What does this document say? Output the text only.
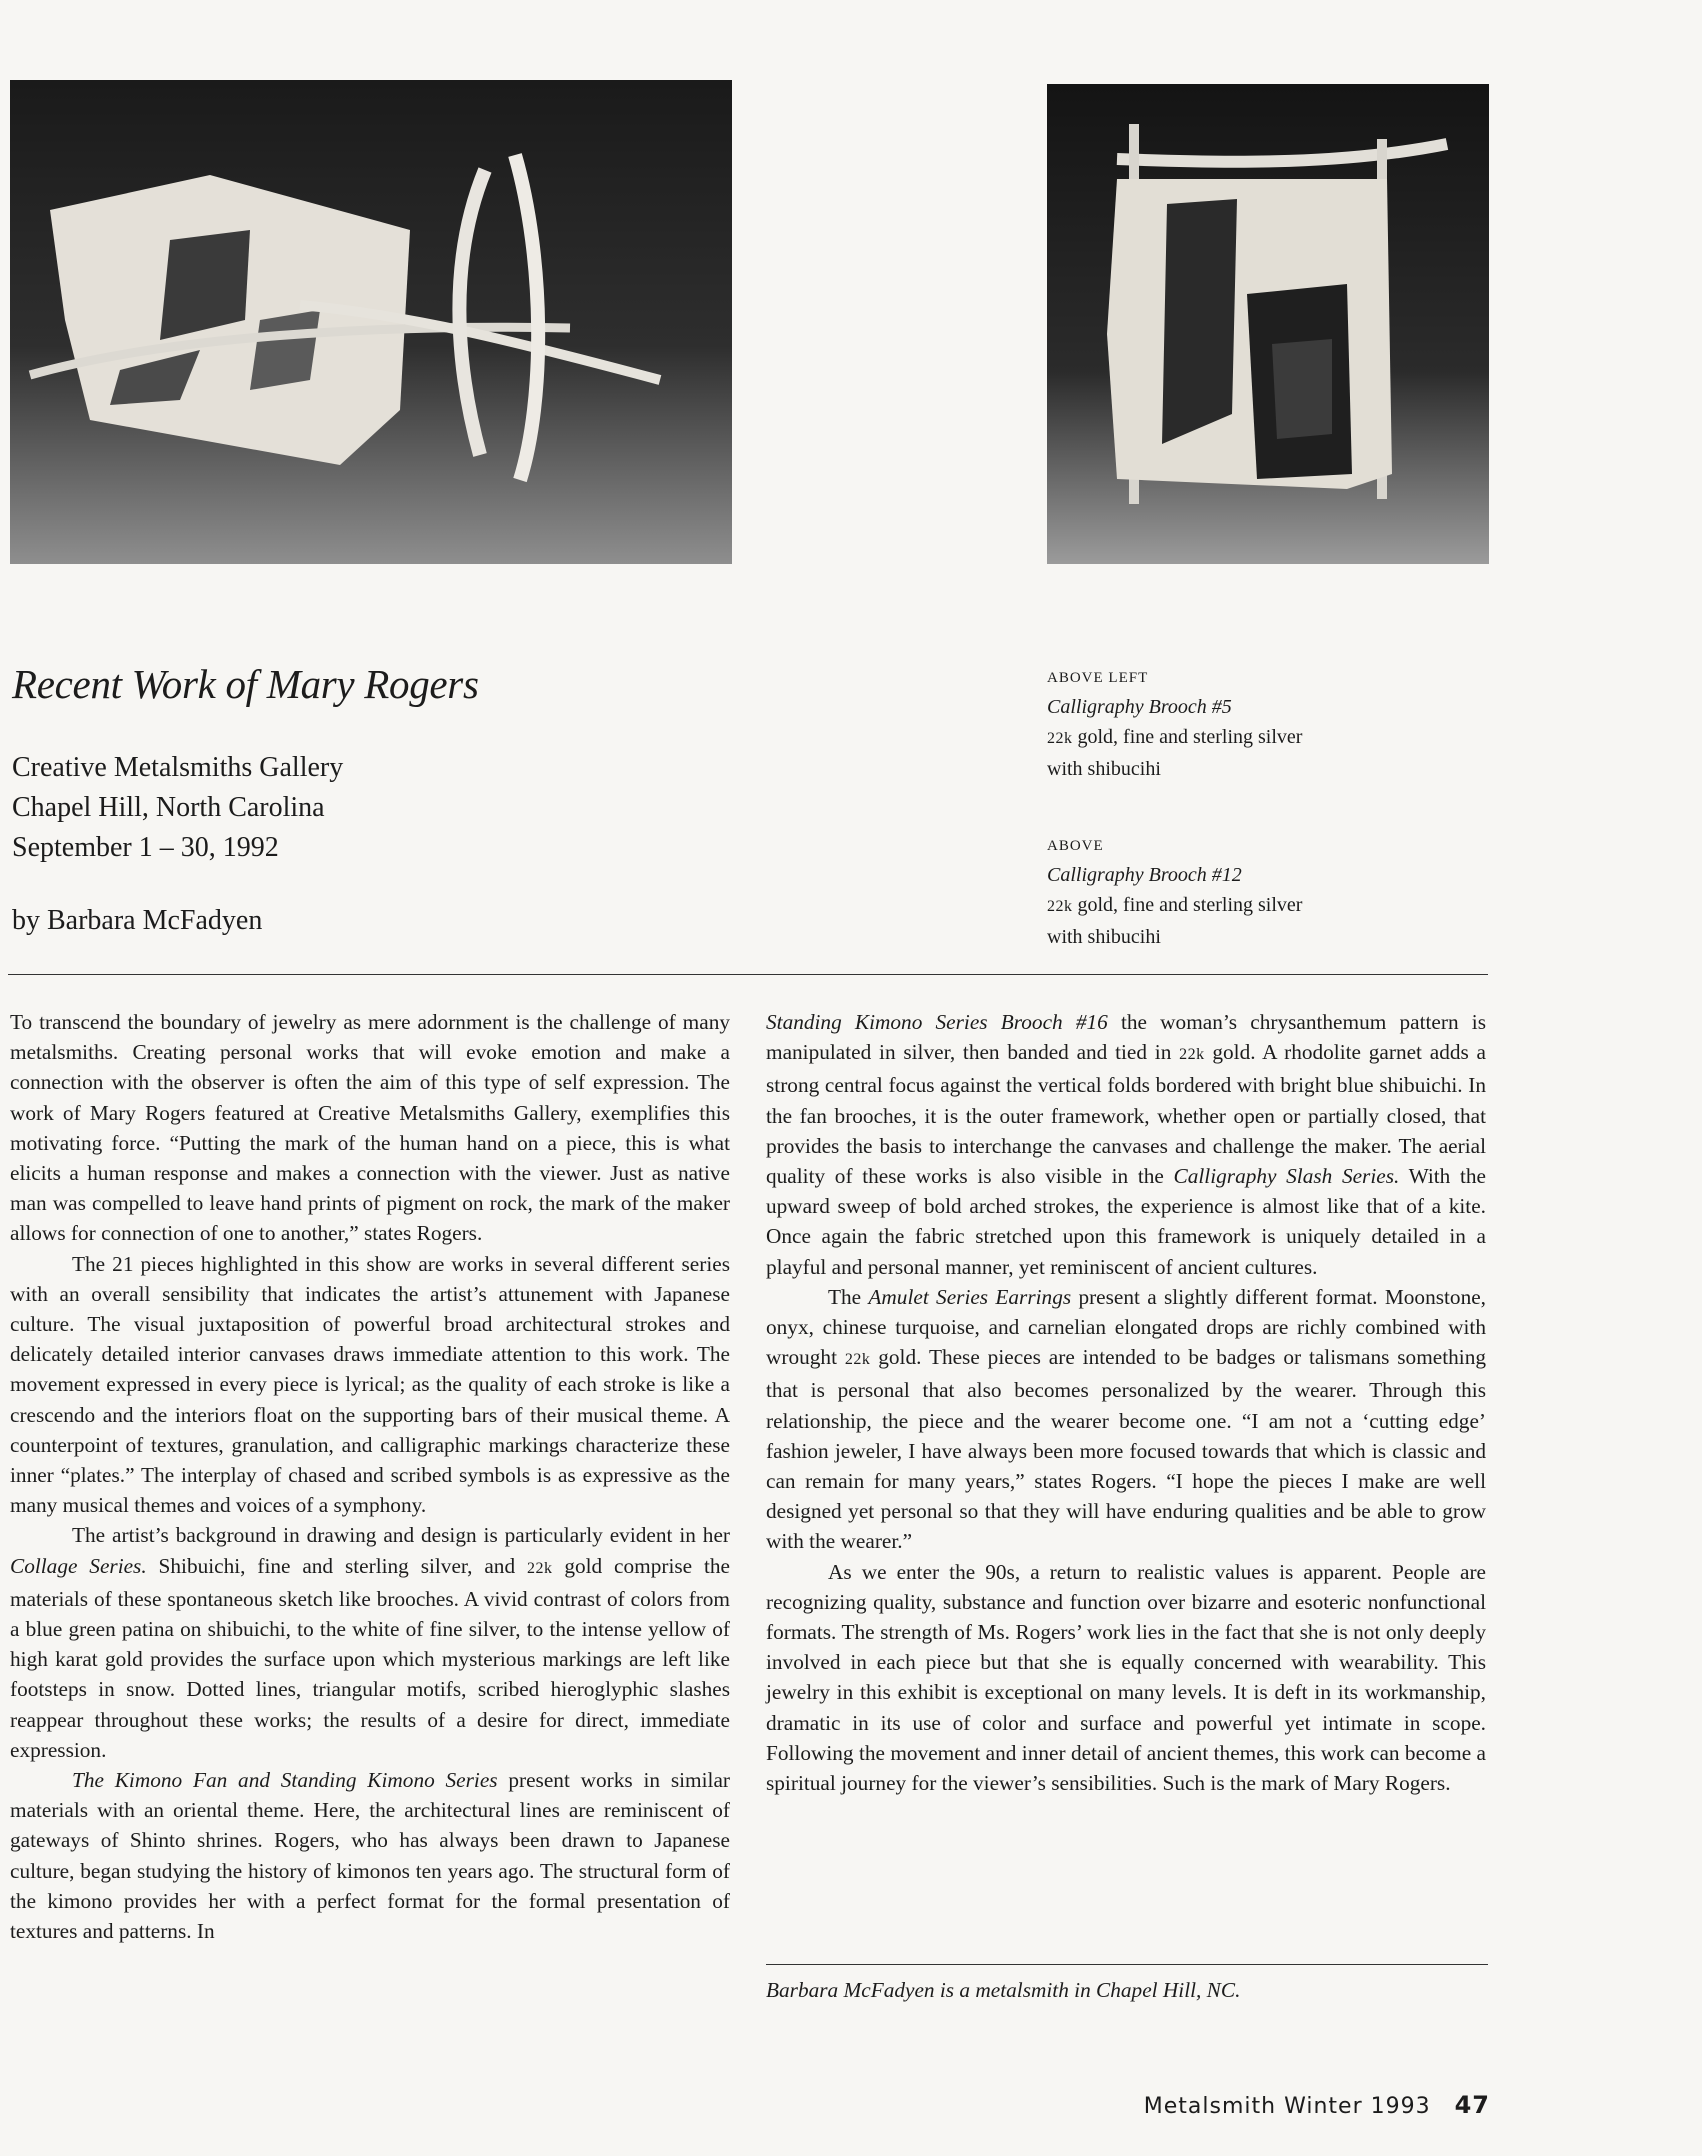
Recent Work of Mary Rogers
Creative Metalsmiths Gallery
Chapel Hill, North Carolina
September 1 – 30, 1992
by Barbara McFadyen
ABOVE LEFT
Calligraphy Brooch #5
22k gold, fine and sterling silver
with shibucihi
ABOVE
Calligraphy Brooch #12
22k gold, fine and sterling silver
with shibucihi

To transcend the boundary of jewelry as mere adornment is the challenge of many metalsmiths. Creating personal works that will evoke emotion and make a connection with the observer is often the aim of this type of self expression. The work of Mary Rogers featured at Creative Metalsmiths Gallery, exemplifies this motivating force. “Putting the mark of the human hand on a piece, this is what elicits a human response and makes a connection with the viewer. Just as native man was compelled to leave hand prints of pigment on rock, the mark of the maker allows for connection of one to another,” states Rogers.

The 21 pieces highlighted in this show are works in several different series with an overall sensibility that indicates the artist’s attunement with Japanese culture. The visual juxtaposition of powerful broad architectural strokes and delicately detailed interior canvases draws immediate attention to this work. The movement expressed in every piece is lyrical; as the quality of each stroke is like a crescendo and the interiors float on the supporting bars of their musical theme. A counterpoint of textures, granulation, and calligraphic markings characterize these inner “plates.” The interplay of chased and scribed symbols is as expressive as the many musical themes and voices of a symphony.

The artist’s background in drawing and design is particularly evident in her Collage Series. Shibuichi, fine and sterling silver, and 22k gold comprise the materials of these spontaneous sketch like brooches. A vivid contrast of colors from a blue green patina on shibuichi, to the white of fine silver, to the intense yellow of high karat gold provides the surface upon which mysterious markings are left like footsteps in snow. Dotted lines, triangular motifs, scribed hieroglyphic slashes reappear throughout these works; the results of a desire for direct, immediate expression.

The Kimono Fan and Standing Kimono Series present works in similar materials with an oriental theme. Here, the architectural lines are reminiscent of gateways of Shinto shrines. Rogers, who has always been drawn to Japanese culture, began studying the history of kimonos ten years ago. The structural form of the kimono provides her with a perfect format for the formal presentation of textures and patterns. In

Standing Kimono Series Brooch #16 the woman’s chrysanthemum pattern is manipulated in silver, then banded and tied in 22k gold. A rhodolite garnet adds a strong central focus against the vertical folds bordered with bright blue shibuichi. In the fan brooches, it is the outer framework, whether open or partially closed, that provides the basis to interchange the canvases and challenge the maker. The aerial quality of these works is also visible in the Calligraphy Slash Series. With the upward sweep of bold arched strokes, the experience is almost like that of a kite. Once again the fabric stretched upon this framework is uniquely detailed in a playful and personal manner, yet reminiscent of ancient cultures.

The Amulet Series Earrings present a slightly different format. Moonstone, onyx, chinese turquoise, and carnelian elongated drops are richly combined with wrought 22k gold. These pieces are intended to be badges or talismans something that is personal that also becomes personalized by the wearer. Through this relationship, the piece and the wearer become one. “I am not a ‘cutting edge’ fashion jeweler, I have always been more focused towards that which is classic and can remain for many years,” states Rogers. “I hope the pieces I make are well designed yet personal so that they will have enduring qualities and be able to grow with the wearer.”

As we enter the 90s, a return to realistic values is apparent. People are recognizing quality, substance and function over bizarre and esoteric nonfunctional formats. The strength of Ms. Rogers’ work lies in the fact that she is not only deeply involved in each piece but that she is equally concerned with wearability. This jewelry in this exhibit is exceptional on many levels. It is deft in its workmanship, dramatic in its use of color and surface and powerful yet intimate in scope. Following the movement and inner detail of ancient themes, this work can become a spiritual journey for the viewer’s sensibilities. Such is the mark of Mary Rogers.

Barbara McFadyen is a metalsmith in Chapel Hill, NC.
Metalsmith Winter 1993 47
